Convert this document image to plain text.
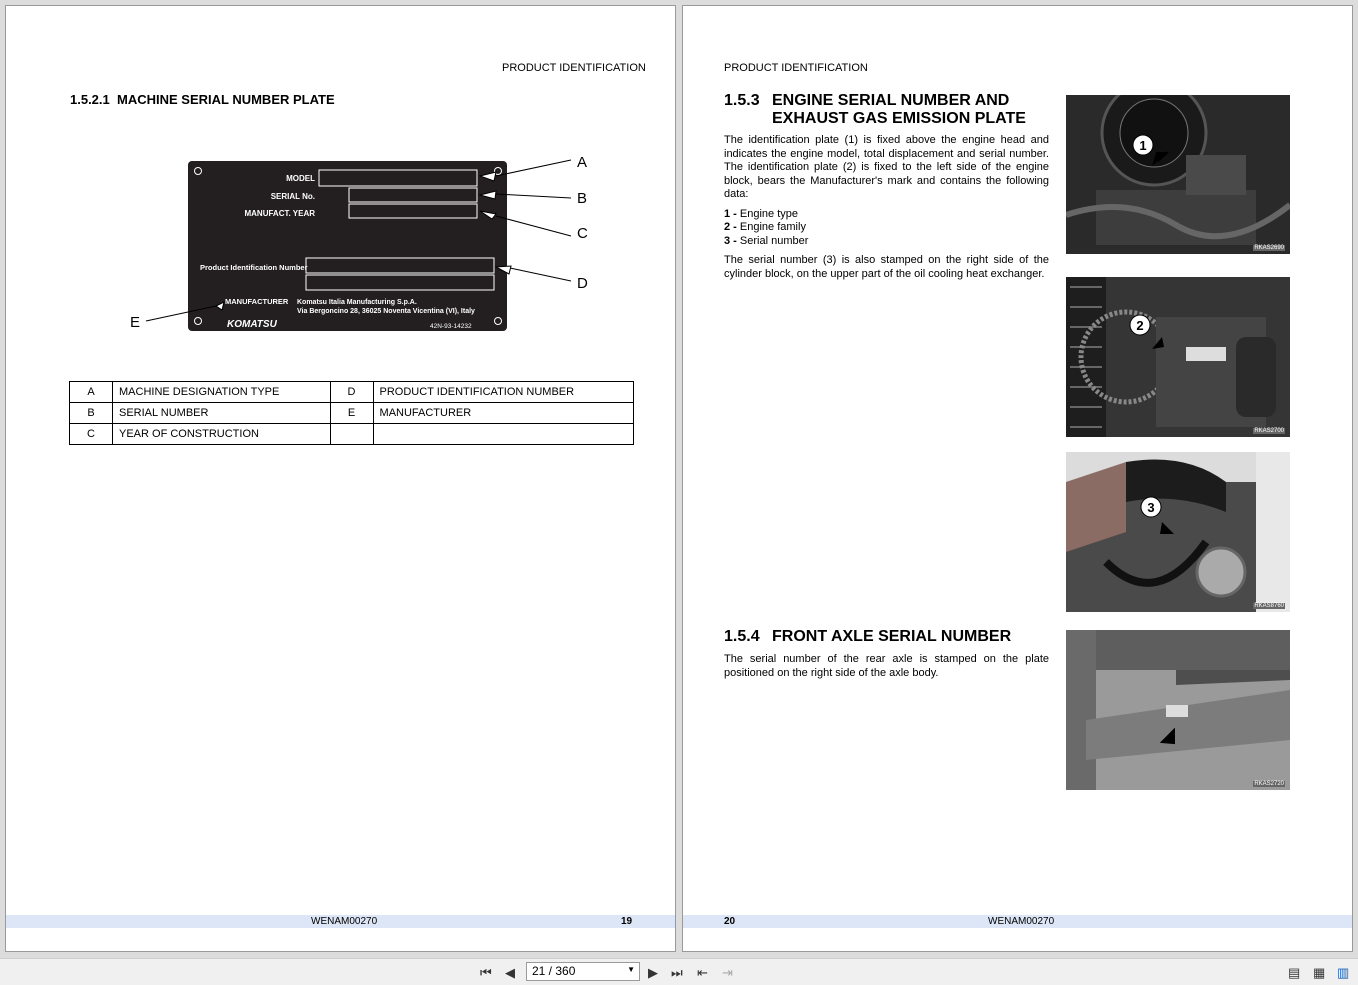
PRODUCT IDENTIFICATION
1.5.2.1 MACHINE SERIAL NUMBER PLATE
MODEL
SERIAL No.
MANUFACT. YEAR
Product Identification Number
MANUFACTURER Komatsu Italia Manufacturing S.p.A.
Via Bergoncino 28, 36025 Noventa Vicentina (VI), Italy
KOMATSU	42N-93-14232
A
B
C
D
E
A	MACHINE DESIGNATION TYPE	D	PRODUCT IDENTIFICATION NUMBER
B	SERIAL NUMBER	E	MANUFACTURER
C	YEAR OF CONSTRUCTION		
WENAM00270	19
PRODUCT IDENTIFICATION
1.5.3 ENGINE SERIAL NUMBER AND
EXHAUST GAS EMISSION PLATE

The identification plate (1) is fixed above the engine head and indicates the engine model, total displacement and serial number. The identification plate (2) is fixed to the left side of the engine block, bears the Manufacturer's mark and contains the following data:

1 - Engine type
2 - Engine family
3 - Serial number

The serial number (3) is also stamped on the right side of the cylinder block, on the upper part of the oil cooling heat exchanger.

1.5.4 FRONT AXLE SERIAL NUMBER

The serial number of the rear axle is stamped on the plate positioned on the right side of the axle body.

1
RKAS2690
2
RKAS2700
3
RKAS8760
RKAS2720
20	WENAM00270
⏮ ◀	21 / 360	▼ ▶ ⏭ ⇤ ⇥	▤ ▦ ▥
